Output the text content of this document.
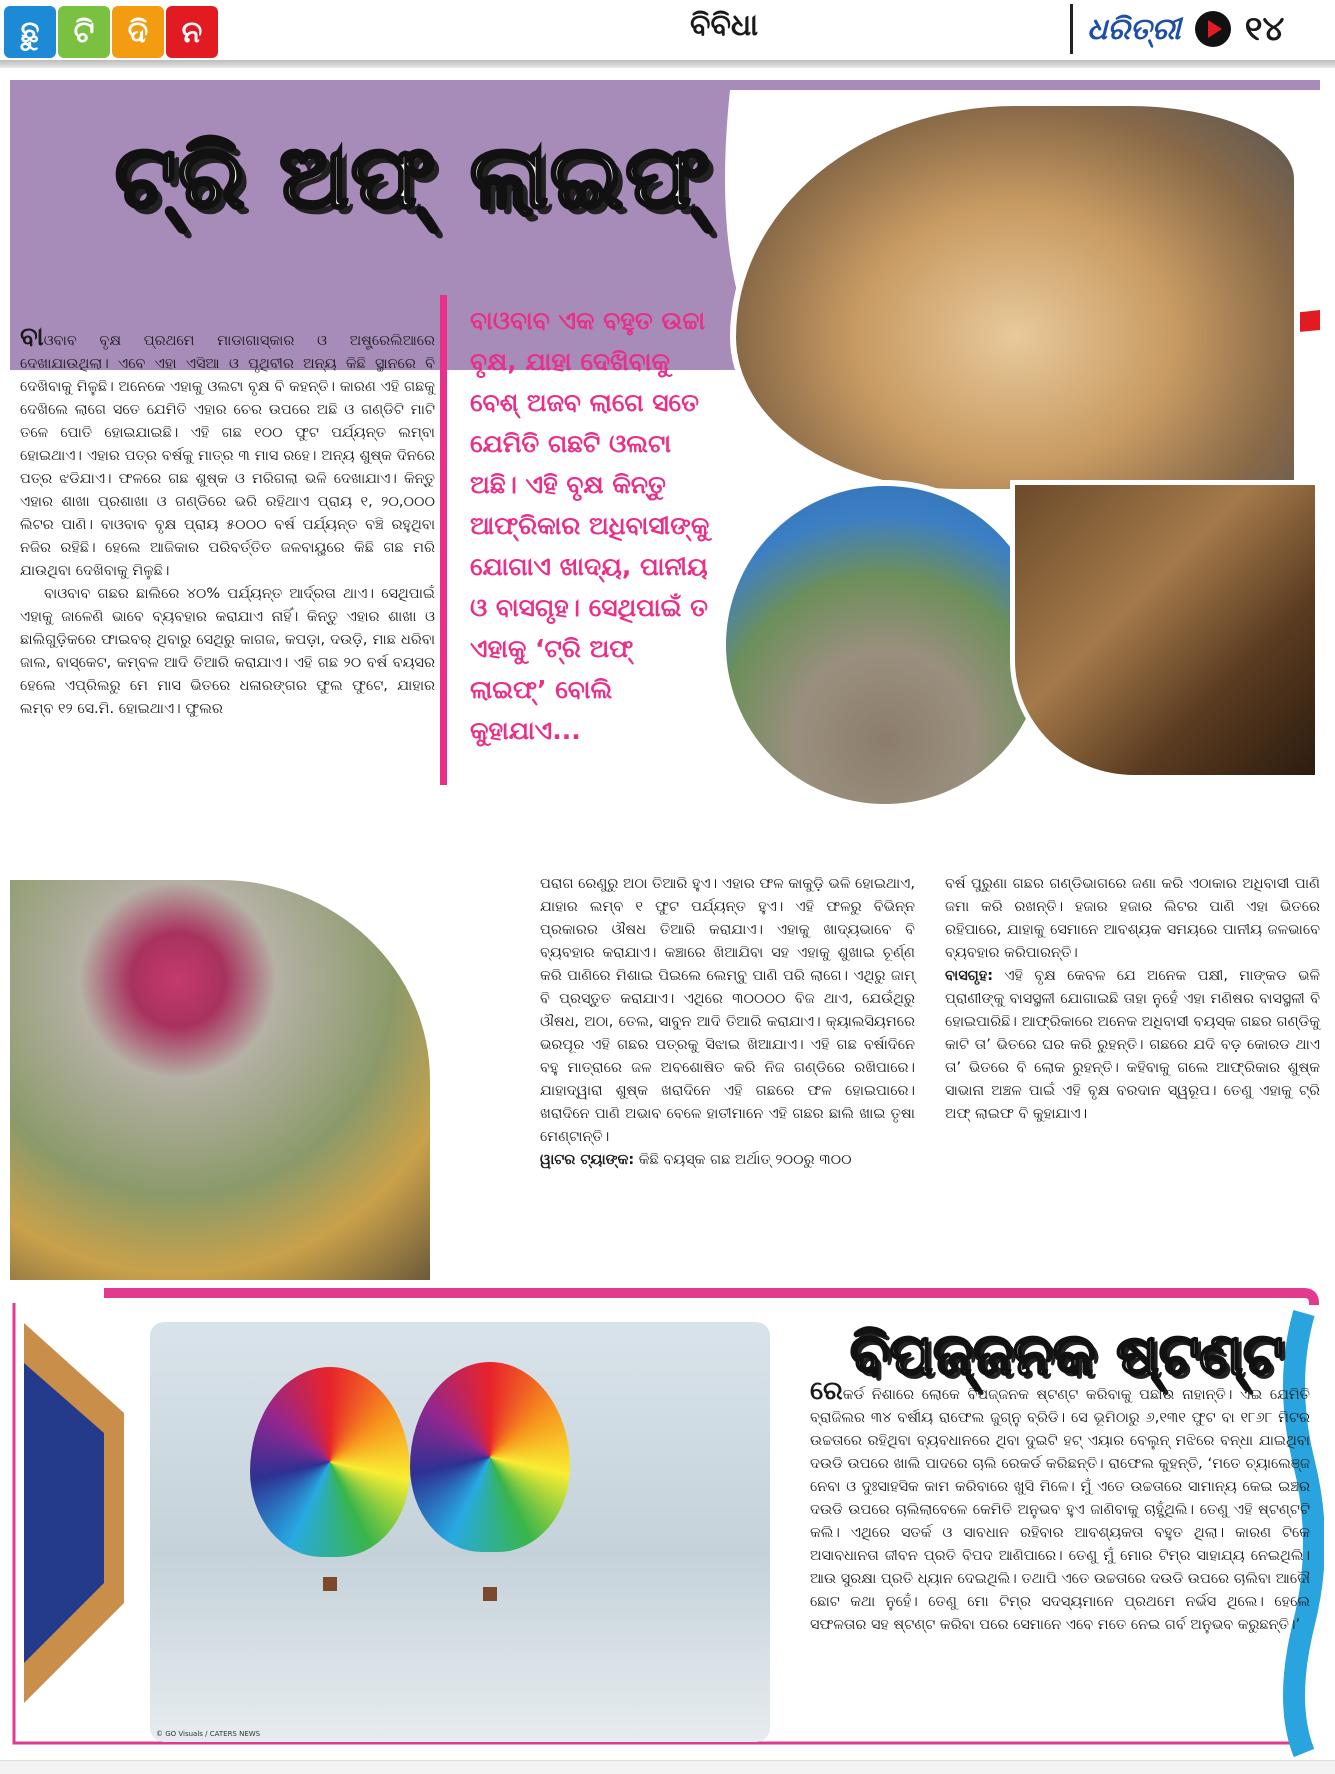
ଛୁ	ଟି	ଦି	ନ	ବିବିଧା	ଧରିତ୍ରୀ ୧୪
ଟ୍ରି ଅଫ୍ ଲାଇଫ୍

ବାଓବାବ ବୃକ୍ଷ ପ୍ରଥମେ ମାଡାଗାସ୍କାର ଓ ଅଷ୍ଟ୍ରେଲିଆରେ ଦେଖାଯାଉଥିଲା। ଏବେ ଏହା ଏସିଆ ଓ ପୃଥିବୀର ଅନ୍ୟ କିଛି ସ୍ଥାନରେ ବି ଦେଖିବାକୁ ମିଳୁଛି। ଅନେକେ ଏହାକୁ ଓଲଟା ବୃକ୍ଷ ବି କହନ୍ତି। କାରଣ ଏହି ଗଛକୁ ଦେଖିଲେ ଲାଗେ ସତେ ଯେମିତି ଏହାର ଚେର ଉପରେ ଅଛି ଓ ଗଣ୍ଡିଟି ମାଟି ତଳେ ପୋତି ହୋଇଯାଇଛି। ଏହି ଗଛ ୧୦୦ ଫୁଟ ପର୍ଯ୍ୟନ୍ତ ଲମ୍ବା ହୋଇଥାଏ। ଏହାର ପତ୍ର ବର୍ଷକୁ ମାତ୍ର ୩ ମାସ ରହେ। ଅନ୍ୟ ଶୁଷ୍କ ଦିନରେ ପତ୍ର ଝଡିଯାଏ। ଫଳରେ ଗଛ ଶୁଷ୍କ ଓ ମରିଗଲା ଭଳି ଦେଖାଯାଏ। କିନ୍ତୁ ଏହାର ଶାଖା ପ୍ରଶାଖା ଓ ଗଣ୍ଡିରେ ଭରି ରହିଥାଏ ପ୍ରାୟ ୧, ୨୦,୦୦୦ ଲିଟର ପାଣି। ବାଓବାବ ବୃକ୍ଷ ପ୍ରାୟ ୫୦୦୦ ବର୍ଷ ପର୍ଯ୍ୟନ୍ତ ବଞ୍ଚି ରହୁଥିବା ନଜିର ରହିଛି। ହେଲେ ଆଜିକାର ପରିବର୍ତ୍ତିତ ଜଳବାୟୁରେ କିଛି ଗଛ ମରି ଯାଉଥିବା ଦେଖିବାକୁ ମିଳୁଛି।

ବାଓବାବ ଗଛର ଛାଲିରେ ୪୦% ପର୍ଯ୍ୟନ୍ତ ଆର୍ଦ୍ରତା ଥାଏ। ସେଥିପାଇଁ ଏହାକୁ ଜାଳେଣି ଭାବେ ବ୍ୟବହାର କରାଯାଏ ନାହିଁ। କିନ୍ତୁ ଏହାର ଶାଖା ଓ ଛାଲିଗୁଡ଼ିକରେ ଫାଇବର୍ ଥିବାରୁ ସେଥିରୁ କାଗଜ, କପଡ଼ା, ଦଉଡ଼ି, ମାଛ ଧରିବା ଜାଲ, ବାସ୍କେଟ, କମ୍ବଳ ଆଦି ତିଆରି କରାଯାଏ। ଏହି ଗଛ ୨୦ ବର୍ଷ ବୟସର ହେଲେ ଏପ୍ରିଲରୁ ମେ ମାସ ଭିତରେ ଧଳାରଙ୍ଗର ଫୁଲ ଫୁଟେ, ଯାହାର ଲମ୍ବ ୧୨ ସେ.ମି. ହୋଇଥାଏ। ଫୁଲର

ବାଓବାବ ଏକ ବହୁତ ଉଚ୍ଚା ବୃକ୍ଷ, ଯାହା ଦେଖିବାକୁ ବେଶ୍ ଅଜବ ଲାଗେ ସତେ ଯେମିତି ଗଛଟି ଓଲଟା ଅଛି। ଏହି ବୃକ୍ଷ କିନ୍ତୁ ଆଫ୍ରିକାର ଅଧିବାସୀଙ୍କୁ ଯୋଗାଏ ଖାଦ୍ୟ, ପାନୀୟ ଓ ବାସଗୃହ। ସେଥିପାଇଁ ତ ଏହାକୁ ‘ଟ୍ରି ଅଫ୍ ଲାଇଫ୍’ ବୋଲି କୁହାଯାଏ...

ପରାଗ ରେଣୁରୁ ଅଠା ତିଆରି ହୁଏ। ଏହାର ଫଳ କାକୁଡ଼ି ଭଳି ହୋଇଥାଏ, ଯାହାର ଲମ୍ବ ୧ ଫୁଟ ପର୍ଯ୍ୟନ୍ତ ହୁଏ। ଏହି ଫଳରୁ ବିଭିନ୍ନ ପ୍ରକାରର ଔଷଧ ତିଆରି କରାଯାଏ। ଏହାକୁ ଖାଦ୍ୟଭାବେ ବି ବ୍ୟବହାର କରାଯାଏ। କଞ୍ଚାରେ ଖିଆଯିବା ସହ ଏହାକୁ ଶୁଖାଇ ଚୂର୍ଣ୍ଣ କରି ପାଣିରେ ମିଶାଇ ପିଇଲେ ଲେମ୍ବୁ ପାଣି ପରି ଲାଗେ। ଏଥିରୁ ଜାମ୍ ବି ପ୍ରସ୍ତୁତ କରାଯାଏ। ଏଥିରେ ୩୦୦୦୦ ବିଜ ଥାଏ, ଯେଉଁଥିରୁ ଔଷଧ, ଅଠା, ତେଲ, ସାବୁନ ଆଦି ତିଆରି କରାଯାଏ। କ୍ୟାଲସିୟମରେ ଭରପୂର ଏହି ଗଛର ପତ୍ରକୁ ସିଝାଇ ଖିଆଯାଏ। ଏହି ଗଛ ବର୍ଷାଦିନେ ବହୁ ମାତ୍ରାରେ ଜଳ ଅବଶୋଷିତ କରି ନିଜ ଗଣ୍ଡିରେ ରଖିପାରେ। ଯାହାଦ୍ୱାରା ଶୁଷ୍କ ଖରାଦିନେ ଏହି ଗଛରେ ଫଳ ହୋଇପାରେ। ଖରାଦିନେ ପାଣି ଅଭାବ ବେଳେ ହାତୀମାନେ ଏହି ଗଛର ଛାଲି ଖାଇ ତୃଷା ମେଣ୍ଟାନ୍ତି।

ୱାଟର ଟ୍ୟାଙ୍କ: କିଛି ବୟସ୍କ ଗଛ ଅର୍ଥାତ୍ ୨୦୦ରୁ ୩୦୦

ବର୍ଷ ପୁରୁଣା ଗଛର ଗଣ୍ଡିଭାଗରେ ଜଣା କରି ଏଠାକାର ଅଧିବାସୀ ପାଣି ଜମା କରି ରଖନ୍ତି। ହଜାର ହଜାର ଲିଟର ପାଣି ଏହା ଭିତରେ ରହିପାରେ, ଯାହାକୁ ସେମାନେ ଆବଶ୍ୟକ ସମୟରେ ପାନୀୟ ଜଳଭାବେ ବ୍ୟବହାର କରିପାରନ୍ତି।

ବାସଗୃହ: ଏହି ବୃକ୍ଷ କେବଳ ଯେ ଅନେକ ପକ୍ଷୀ, ମାଙ୍କଡ ଭଳି ପ୍ରାଣୀଙ୍କୁ ବାସସ୍ଥଳୀ ଯୋଗାଇଛି ତାହା ନୁହେଁ ଏହା ମଣିଷର ବାସସ୍ଥଳୀ ବି ହୋଇପାରିଛି। ଆଫ୍ରିକାରେ ଅନେକ ଅଧିବାସୀ ବୟସ୍କ ଗଛର ଗଣ୍ଡିକୁ କାଟି ତା’ ଭିତରେ ଘର କରି ରୁହନ୍ତି। ଗଛରେ ଯଦି ବଡ଼ କୋରଡ ଥାଏ ତା’ ଭିତରେ ବି ଲୋକ ରୁହନ୍ତି। କହିବାକୁ ଗଲେ ଆଫ୍ରିକାର ଶୁଷ୍କ ସାଭାନା ଅଞ୍ଚଳ ପାଇଁ ଏହି ବୃକ୍ଷ ବରଦାନ ସ୍ୱରୂପ। ତେଣୁ ଏହାକୁ ଟ୍ରି ଅଫ୍ ଲାଇଫ ବି କୁହାଯାଏ।

© GO Visuals / CATERS NEWS
ବିପଜ୍ଜନକ ଷ୍ଟଣ୍ଟ

ରେକର୍ଡ ନିଶାରେ ଲୋକେ ବିପଜ୍ଜନକ ଷ୍ଟଣ୍ଟ କରିବାକୁ ପଛାଉ ନାହାନ୍ତି। ଏଇ ଯେମିତି ବ୍ରାଜିଲର ୩୪ ବର୍ଷୀୟ ରାଫେଲ ଜୁଗ୍‌ନୁ ବ୍ରିଡି। ସେ ଭୂମିଠାରୁ ୬,୧୩୧ ଫୁଟ ବା ୧୮୬୮ ମିଟର ଉଚ୍ଚତାରେ ରହିଥିବା ବ୍ୟବଧାନରେ ଥିବା ଦୁଇଟି ହଟ୍ ଏୟାର ବେଲୁନ୍ ମଝିରେ ବନ୍ଧା ଯାଇଥିବା ଦଉଡି ଉପରେ ଖାଲି ପାଦରେ ଚାଲି ରେକର୍ଡ କରିଛନ୍ତି। ରାଫେଲ କୁହନ୍ତି, ‘ମତେ ଚ୍ୟାଲେଞ୍ଜ ନେବା ଓ ଦୁଃସାହସିକ କାମ କରିବାରେ ଖୁସି ମିଳେ। ମୁଁ ଏତେ ଉଚ୍ଚତାରେ ସାମାନ୍ୟ କେଇ ଇଞ୍ଚର ଦଉଡି ଉପରେ ଚାଲିଲାବେଳେ କେମିତି ଅନୁଭବ ହୁଏ ଜାଣିବାକୁ ଚାହୁଁଥିଲି। ତେଣୁ ଏହି ଷ୍ଟଣ୍ଟଟି କଲି। ଏଥିରେ ସତର୍କ ଓ ସାବଧାନ ରହିବାର ଆବଶ୍ୟକତା ବହୁତ ଥିଲା। କାରଣ ଟିକେ ଅସାବଧାନତା ଜୀବନ ପ୍ରତି ବିପଦ ଆଣିପାରେ। ତେଣୁ ମୁଁ ମୋର ଟିମ୍‌ର ସାହାଯ୍ୟ ନେଇଥିଲି। ଆଉ ସୁରକ୍ଷା ପ୍ରତି ଧ୍ୟାନ ଦେଇଥିଲି। ତଥାପି ଏତେ ଉଚ୍ଚତାରେ ଦଉଡି ଉପରେ ଚାଲିବା ଆଦୌ ଛୋଟ କଥା ନୁହେଁ। ତେଣୁ ମୋ ଟିମ୍‌ର ସଦସ୍ୟମାନେ ପ୍ରଥମେ ନର୍ଭସ ଥିଲେ। ହେଲେ ସଫଳତାର ସହ ଷ୍ଟଣ୍ଟ କରିବା ପରେ ସେମାନେ ଏବେ ମତେ ନେଇ ଗର୍ବ ଅନୁଭବ କରୁଛନ୍ତି।’
